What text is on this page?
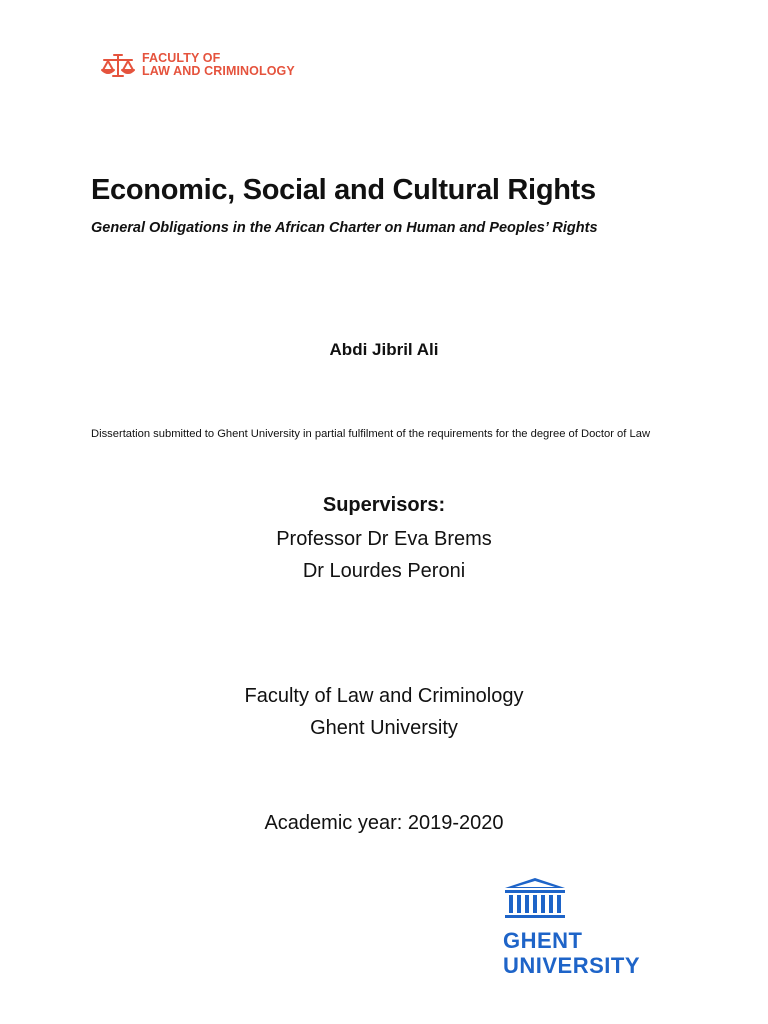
FACULTY OF
LAW AND CRIMINOLOGY
Economic, Social and Cultural Rights

General Obligations in the African Charter on Human and Peoples’ Rights

Abdi Jibril Ali
Dissertation submitted to Ghent University in partial fulfilment of the requirements for the degree of Doctor of Law
Supervisors:
Professor Dr Eva Brems
Dr Lourdes Peroni
Faculty of Law and Criminology
Ghent University
Academic year: 2019-2020
GHENT
UNIVERSITY
